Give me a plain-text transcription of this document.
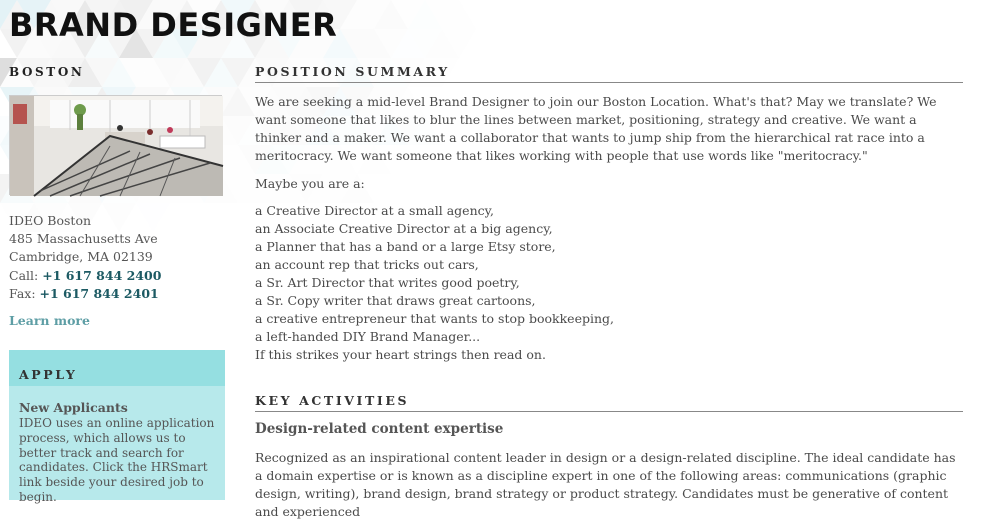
BRAND DESIGNER
BOSTON
IDEO Boston
485 Massachusetts Ave
Cambridge, MA 02139
Call: +1 617 844 2400
Fax: +1 617 844 2401
Learn more
APPLY
New Applicants
IDEO uses an online application process, which allows us to better track and search for candidates. Click the HRSmart link beside your desired job to begin.
POSITION SUMMARY
We are seeking a mid-level Brand Designer to join our Boston Location. What's that? May we translate? We want someone that likes to blur the lines between market, positioning, strategy and creative. We want a thinker and a maker. We want a collaborator that wants to jump ship from the hierarchical rat race into a meritocracy. We want someone that likes working with people that use words like "meritocracy."
Maybe you are a:
a Creative Director at a small agency,
an Associate Creative Director at a big agency,
a Planner that has a band or a large Etsy store,
an account rep that tricks out cars,
a Sr. Art Director that writes good poetry,
a Sr. Copy writer that draws great cartoons,
a creative entrepreneur that wants to stop bookkeeping,
a left-handed DIY Brand Manager...
If this strikes your heart strings then read on.
KEY ACTIVITIES
Design-related content expertise
Recognized as an inspirational content leader in design or a design-related discipline. The ideal candidate has a domain expertise or is known as a discipline expert in one of the following areas: communications (graphic design, writing), brand design, brand strategy or product strategy. Candidates must be generative of content and experienced
